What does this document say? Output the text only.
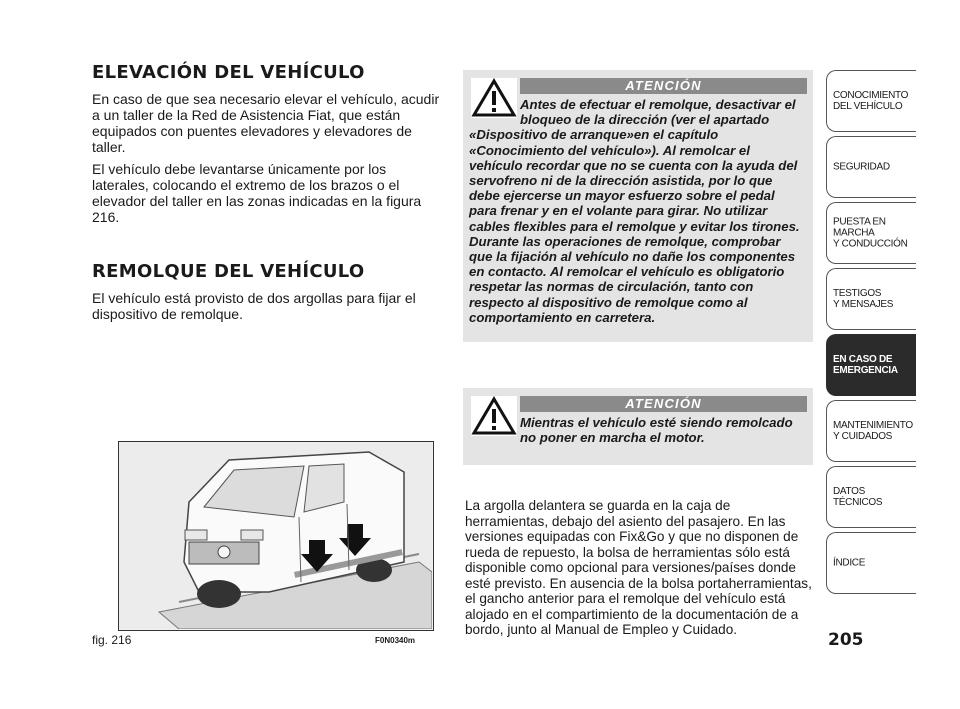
ELEVACIÓN DEL VEHÍCULO

En caso de que sea necesario elevar el vehículo, acudir a un taller de la Red de Asistencia Fiat, que están equipados con puentes elevadores y elevadores de taller.

El vehículo debe levantarse únicamente por los laterales, colocando el extremo de los brazos o el elevador del taller en las zonas indicadas en la figura 216.

REMOLQUE DEL VEHÍCULO

El vehículo está provisto de dos argollas para fijar el dispositivo de remolque.

fig. 216	F0N0340m
ATENCIÓN
Antes de efectuar el remolque, desactivar el bloqueo de la dirección (ver el apartado
«Dispositivo de arranque»en el capítulo «Conocimiento del vehículo»). Al remolcar el vehículo recordar que no se cuenta con la ayuda del servofreno ni de la dirección asistida, por lo que debe ejercerse un mayor esfuerzo sobre el pedal para frenar y en el volante para girar. No utilizar cables flexibles para el remolque y evitar los tirones. Durante las operaciones de remolque, comprobar que la fijación al vehículo no dañe los componentes en contacto. Al remolcar el vehículo es obligatorio respetar las normas de circulación, tanto con respecto al dispositivo de remolque como al comportamiento en carretera.
ATENCIÓN
Mientras el vehículo esté siendo remolcado no poner en marcha el motor.

La argolla delantera se guarda en la caja de herramientas, debajo del asiento del pasajero. En las versiones equipadas con Fix&Go y que no disponen de rueda de repuesto, la bolsa de herramientas sólo está disponible como opcional para versiones/países donde esté previsto. En ausencia de la bolsa portaherramientas, el gancho anterior para el remolque del vehículo está alojado en el compartimiento de la documentación de a bordo, junto al Manual de Empleo y Cuidado.

CONOCIMIENTO
DEL VEHÍCULO
SEGURIDAD
PUESTA EN
MARCHA
Y CONDUCCIÓN
TESTIGOS
Y MENSAJES
EN CASO DE
EMERGENCIA
MANTENIMIENTO
Y CUIDADOS
DATOS
TÉCNICOS
ÍNDICE
205
